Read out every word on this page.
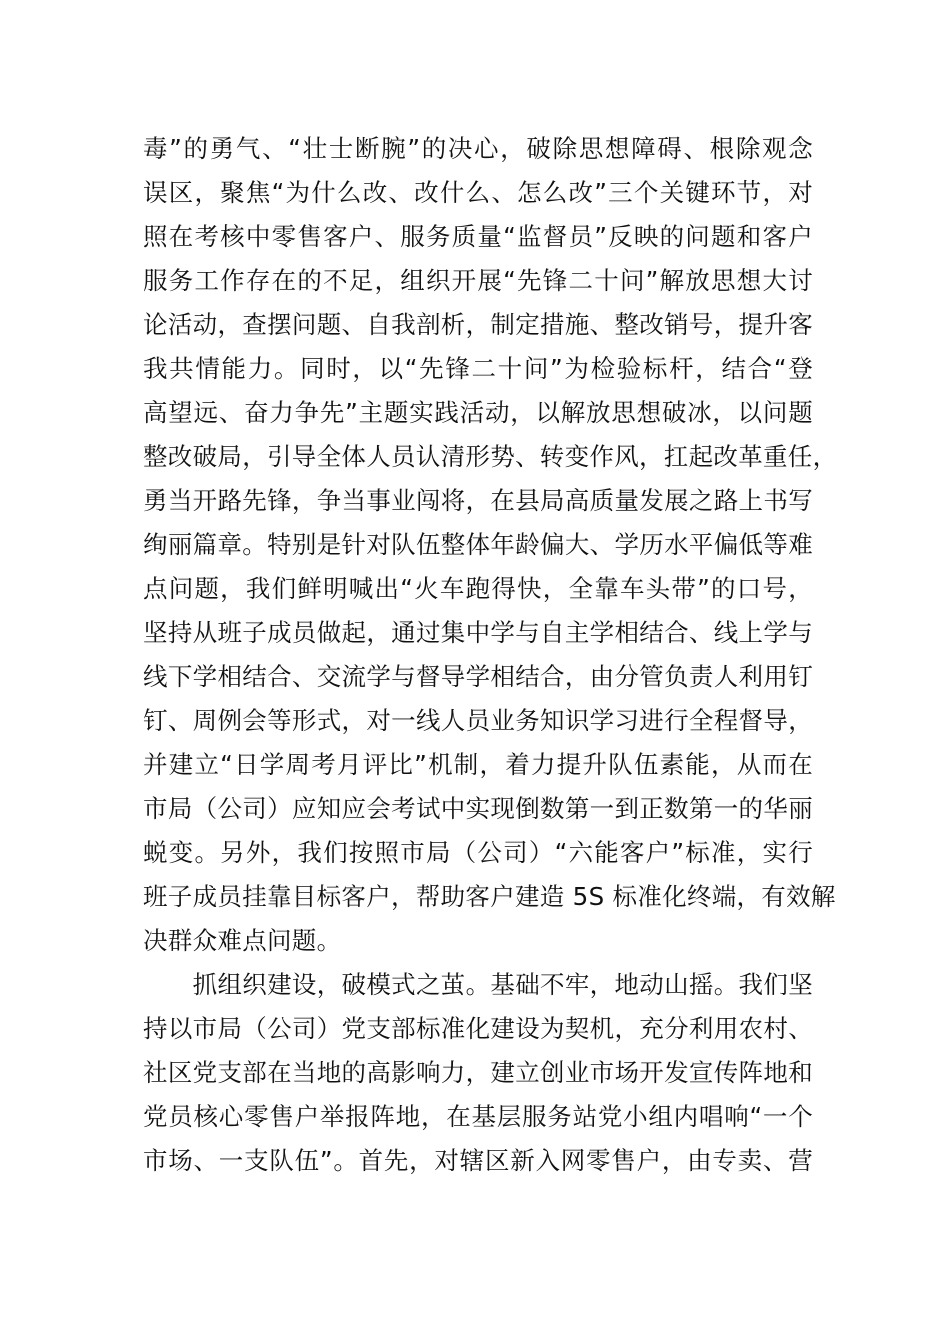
毒”的勇气、“壮士断腕”的决心，破除思想障碍、根除观念
误区，聚焦“为什么改、改什么、怎么改”三个关键环节，对
照在考核中零售客户、服务质量“监督员”反映的问题和客户
服务工作存在的不足，组织开展“先锋二十问”解放思想大讨
论活动，查摆问题、自我剖析，制定措施、整改销号，提升客
我共情能力。同时，以“先锋二十问”为检验标杆，结合“登
高望远、奋力争先”主题实践活动，以解放思想破冰，以问题
整改破局，引导全体人员认清形势、转变作风，扛起改革重任，
勇当开路先锋，争当事业闯将，在县局高质量发展之路上书写
绚丽篇章。特别是针对队伍整体年龄偏大、学历水平偏低等难
点问题，我们鲜明喊出“火车跑得快，全靠车头带”的口号，
坚持从班子成员做起，通过集中学与自主学相结合、线上学与
线下学相结合、交流学与督导学相结合，由分管负责人利用钉
钉、周例会等形式，对一线人员业务知识学习进行全程督导，
并建立“日学周考月评比”机制，着力提升队伍素能，从而在
市局（公司）应知应会考试中实现倒数第一到正数第一的华丽
蜕变。另外，我们按照市局（公司）“六能客户”标准，实行
班子成员挂靠目标客户，帮助客户建造 5S 标准化终端，有效解
决群众难点问题。
　　抓组织建设，破模式之茧。基础不牢，地动山摇。我们坚
持以市局（公司）党支部标准化建设为契机，充分利用农村、
社区党支部在当地的高影响力，建立创业市场开发宣传阵地和
党员核心零售户举报阵地，在基层服务站党小组内唱响“一个
市场、一支队伍”。首先，对辖区新入网零售户，由专卖、营
